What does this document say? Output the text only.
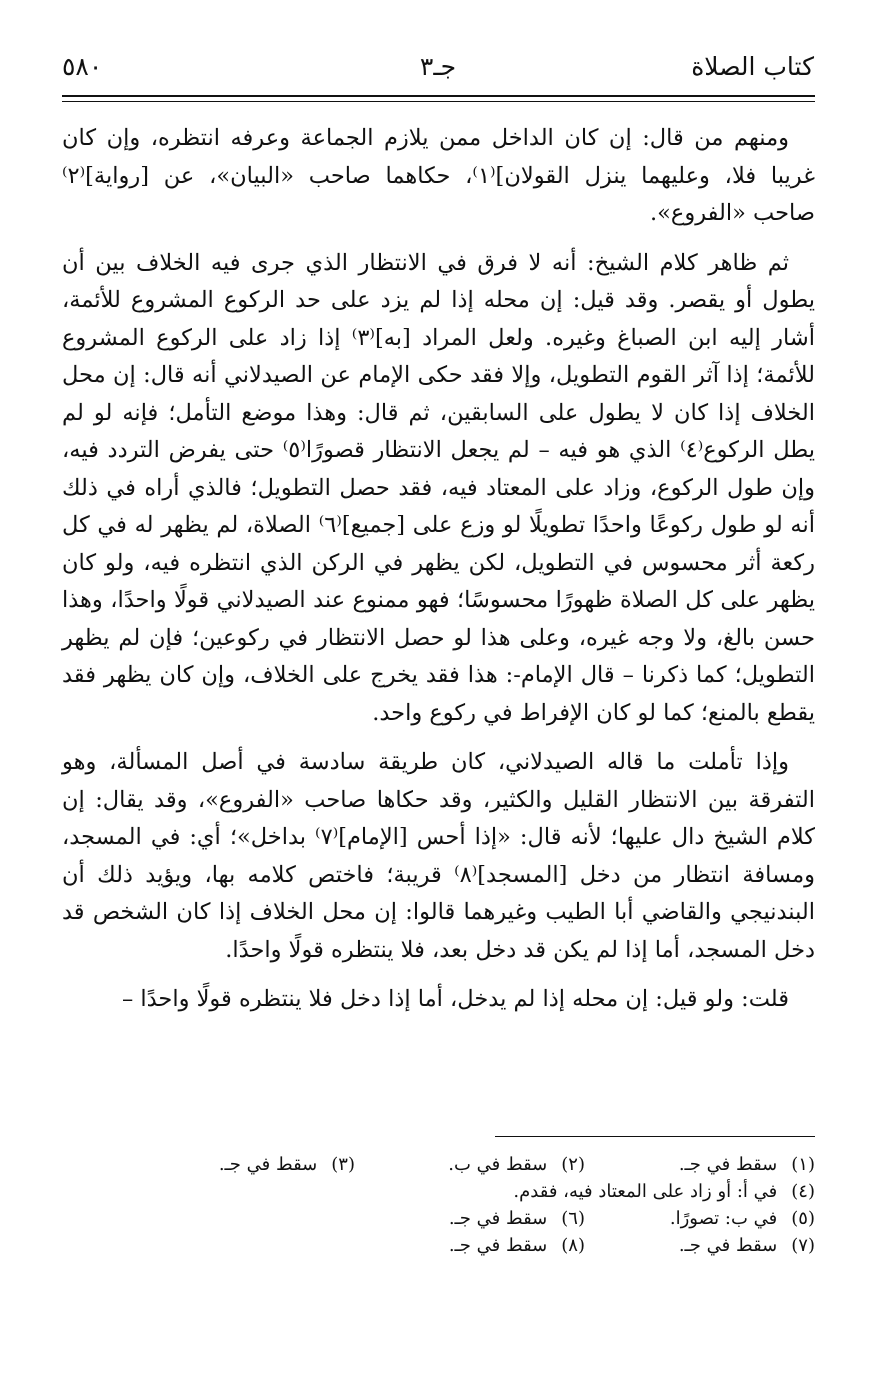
كتاب الصلاة
جـ٣
٥٨٠

ومنهم من قال: إن كان الداخل ممن يلازم الجماعة وعرفه انتظره، وإن كان غريبا فلا، وعليهما ينزل القولان]⁽١⁾، حكاهما صاحب «البيان»، عن [رواية]⁽٢⁾ صاحب «الفروع».

ثم ظاهر كلام الشيخ: أنه لا فرق في الانتظار الذي جرى فيه الخلاف بين أن يطول أو يقصر. وقد قيل: إن محله إذا لم يزد على حد الركوع المشروع للأئمة، أشار إليه ابن الصباغ وغيره. ولعل المراد [به]⁽٣⁾ إذا زاد على الركوع المشروع للأئمة؛ إذا آثر القوم التطويل، وإلا فقد حكى الإمام عن الصيدلاني أنه قال: إن محل الخلاف إذا كان لا يطول على السابقين، ثم قال: وهذا موضع التأمل؛ فإنه لو لم يطل الركوع⁽٤⁾ الذي هو فيه – لم يجعل الانتظار قصورًا⁽٥⁾ حتى يفرض التردد فيه، وإن طول الركوع، وزاد على المعتاد فيه، فقد حصل التطويل؛ فالذي أراه في ذلك أنه لو طول ركوعًا واحدًا تطويلًا لو وزع على [جميع]⁽٦⁾ الصلاة، لم يظهر له في كل ركعة أثر محسوس في التطويل، لكن يظهر في الركن الذي انتظره فيه، ولو كان يظهر على كل الصلاة ظهورًا محسوسًا؛ فهو ممنوع عند الصيدلاني قولًا واحدًا، وهذا حسن بالغ، ولا وجه غيره، وعلى هذا لو حصل الانتظار في ركوعين؛ فإن لم يظهر التطويل؛ كما ذكرنا – قال الإمام-: هذا فقد يخرج على الخلاف، وإن كان يظهر فقد يقطع بالمنع؛ كما لو كان الإفراط في ركوع واحد.

وإذا تأملت ما قاله الصيدلاني، كان طريقة سادسة في أصل المسألة، وهو التفرقة بين الانتظار القليل والكثير، وقد حكاها صاحب «الفروع»، وقد يقال: إن كلام الشيخ دال عليها؛ لأنه قال: «إذا أحس [الإمام]⁽٧⁾ بداخل»؛ أي: في المسجد، ومسافة انتظار من دخل [المسجد]⁽٨⁾ قريبة؛ فاختص كلامه بها، ويؤيد ذلك أن البندنيجي والقاضي أبا الطيب وغيرهما قالوا: إن محل الخلاف إذا كان الشخص قد دخل المسجد، أما إذا لم يكن قد دخل بعد، فلا ينتظره قولًا واحدًا.

قلت: ولو قيل: إن محله إذا لم يدخل، أما إذا دخل فلا ينتظره قولًا واحدًا –

(١)سقط في جـ.
(٢)سقط في ب.
(٣)سقط في جـ.
(٤)في أ: أو زاد على المعتاد فيه، فقدم.
(٥)في ب: تصورًا.
(٦)سقط في جـ.
(٧)سقط في جـ.
(٨)سقط في جـ.
